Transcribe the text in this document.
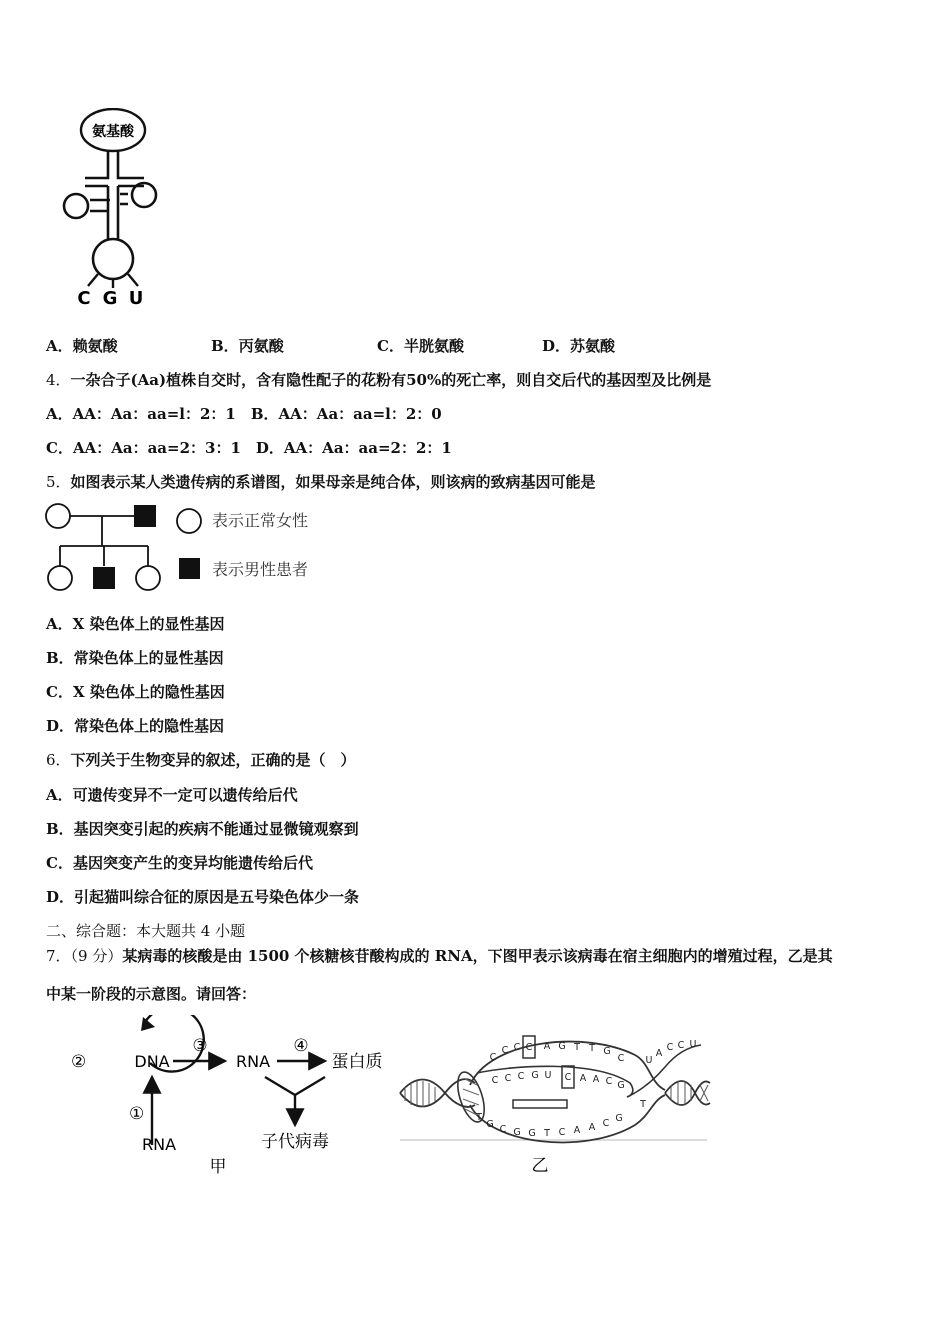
氨基酸
C G U
A．赖氨酸	B．丙氨酸	C．半胱氨酸	D．苏氨酸
4．一杂合子(Aa)植株自交时，含有隐性配子的花粉有50%的死亡率，则自交后代的基因型及比例是
A．AA：Aa：aa=l：2：1　B．AA：Aa：aa=l：2：0
C．AA：Aa：aa=2：3：1　D．AA：Aa：aa=2：2：1
5．如图表示某人类遗传病的系谱图，如果母亲是纯合体，则该病的致病基因可能是
表示正常女性
表示男性患者
A．X 染色体上的显性基因
B．常染色体上的显性基因
C．X 染色体上的隐性基因
D．常染色体上的隐性基因
6．下列关于生物变异的叙述，正确的是（　）
A．可遗传变异不一定可以遗传给后代
B．基因突变引起的疾病不能通过显微镜观察到
C．基因突变产生的变异均能遗传给后代
D．引起猫叫综合征的原因是五号染色体少一条
二、综合题：本大题共 4 小题
7．（9 分）某病毒的核酸是由 1500 个核糖核苷酸构成的 RNA，下图甲表示该病毒在宿主细胞内的增殖过程，乙是其
中某一阶段的示意图。请回答：
②	DNA
③
RNA
④
蛋白质
子代病毒
①
RNA
甲
C
C C C A G T T G
C
C C C G U C A A C G
T
G C G G T C A A C G
U
A
C C U
T
乙
